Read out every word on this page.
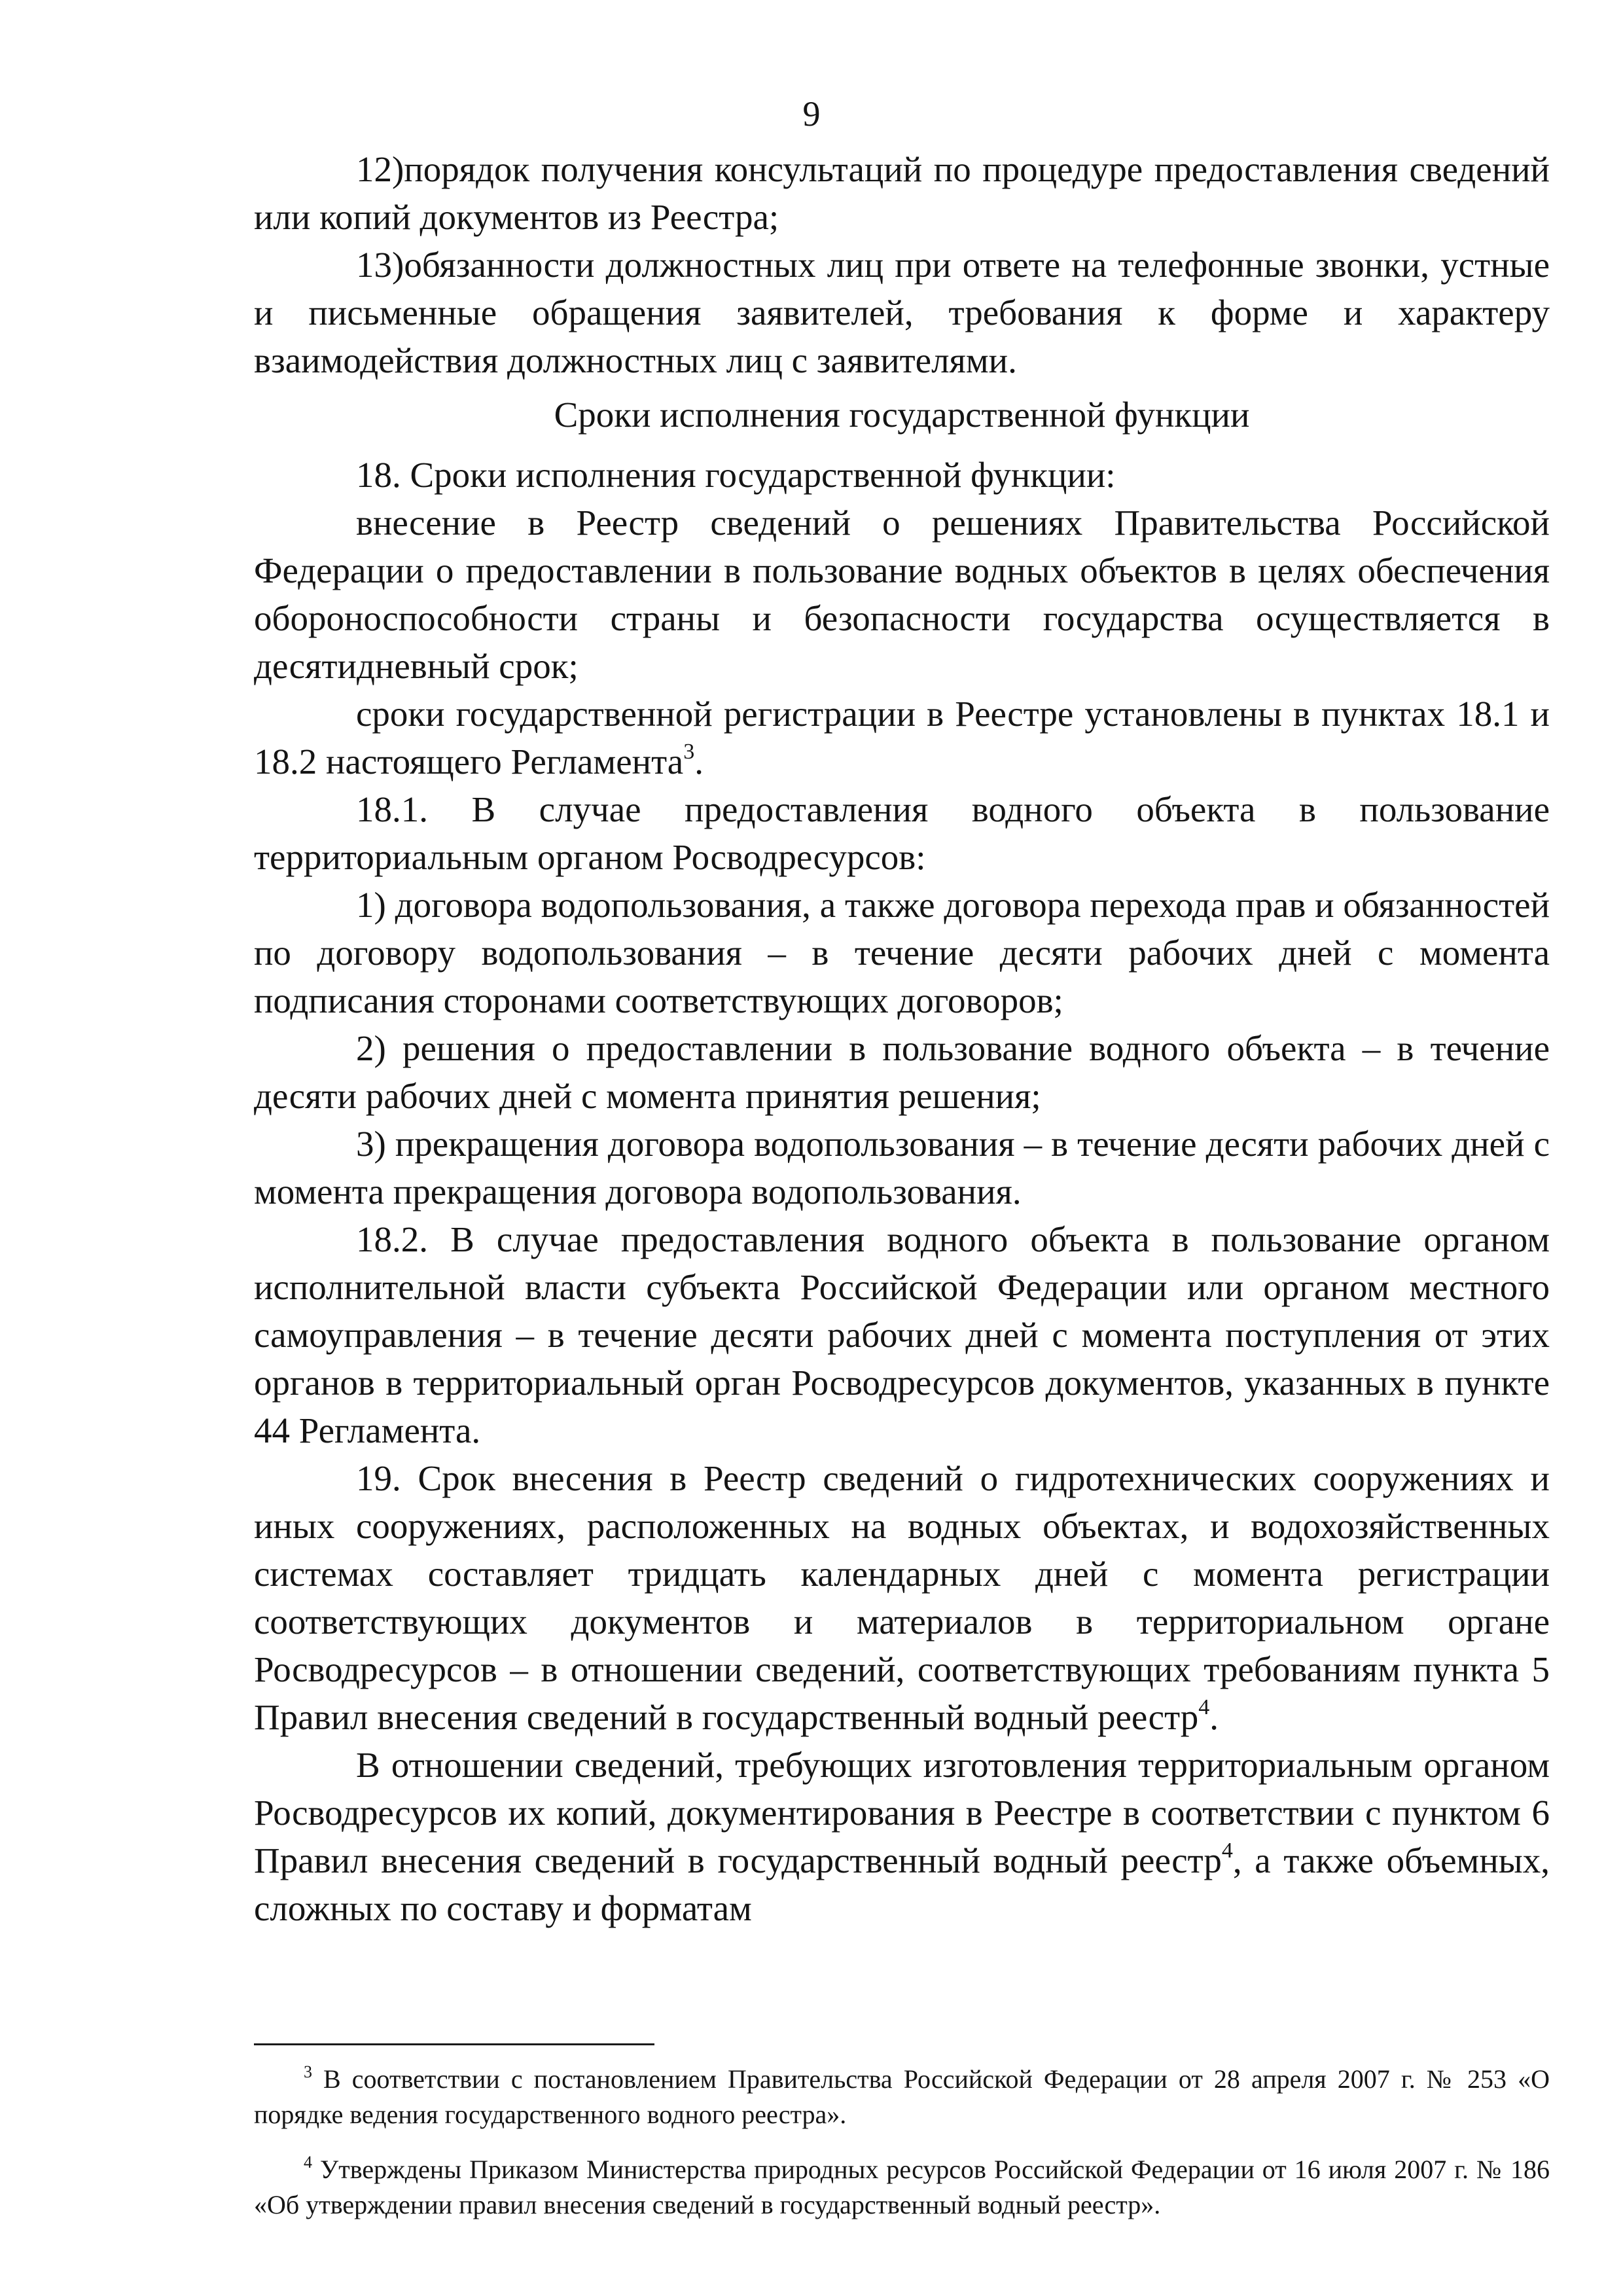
9

12)порядок получения консультаций по процедуре предоставления сведений или копий документов из Реестра;

13)обязанности должностных лиц при ответе на телефонные звонки, устные и письменные обращения заявителей, требования к форме и характеру взаимодействия должностных лиц с заявителями.

Сроки исполнения государственной функции

18. Сроки исполнения государственной функции:

внесение в Реестр сведений о решениях Правительства Российской Федерации о предоставлении в пользование водных объектов в целях обеспечения обороноспособности страны и безопасности государства осуществляется в десятидневный срок;

сроки государственной регистрации в Реестре установлены в пунктах 18.1 и 18.2 настоящего Регламента$^3$.

18.1. В случае предоставления водного объекта в пользование территориальным органом Росводресурсов:

1) договора водопользования, а также договора перехода прав и обязанностей по договору водопользования – в течение десяти рабочих дней с момента подписания сторонами соответствующих договоров;

2) решения о предоставлении в пользование водного объекта – в течение десяти рабочих дней с момента принятия решения;

3) прекращения договора водопользования – в течение десяти рабочих дней с момента прекращения договора водопользования.

18.2. В случае предоставления водного объекта в пользование органом исполнительной власти субъекта Российской Федерации или органом местного самоуправления – в течение десяти рабочих дней с момента поступления от этих органов в территориальный орган Росводресурсов документов, указанных в пункте 44 Регламента.

19. Срок внесения в Реестр сведений о гидротехнических сооружениях и иных сооружениях, расположенных на водных объектах, и водохозяйственных системах составляет тридцать календарных дней с момента регистрации соответствующих документов и материалов в территориальном органе Росводресурсов – в отношении сведений, соответствующих требованиям пункта 5 Правил внесения сведений в государственный водный реестр$^4$.

В отношении сведений, требующих изготовления территориальным органом Росводресурсов их копий, документирования в Реестре в соответствии с пунктом 6 Правил внесения сведений в государственный водный реестр$^4$, а также объемных, сложных по составу и форматам

$^3$ В соответствии с постановлением Правительства Российской Федерации от 28 апреля 2007 г. № 253 «О порядке ведения государственного водного реестра».

$^4$ Утверждены Приказом Министерства природных ресурсов Российской Федерации от 16 июля 2007 г. № 186 «Об утверждении правил внесения сведений в государственный водный реестр».
